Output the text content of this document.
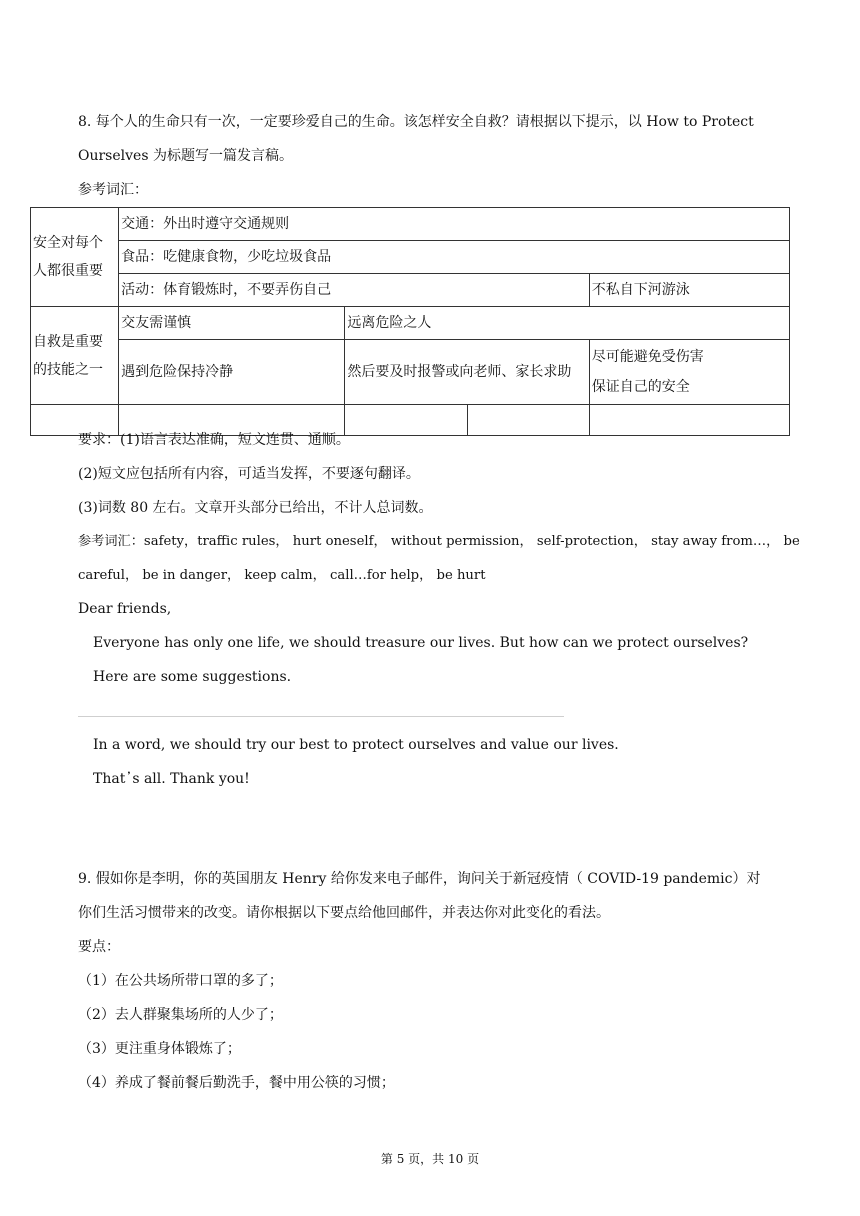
8. 每个人的生命只有一次，一定要珍爱自己的生命。该怎样安全自救？请根据以下提示，以 How to Protect
Ourselves 为标题写一篇发言稿。
参考词汇：
安全对每个人都很重要	交通：外出时遵守交通规则			
	食品：吃健康食物，少吃垃圾食品			
	活动：体育锻炼时，不要弄伤自己			不私自下河游泳
自救是重要的技能之一	交友需谨慎	远离危险之人		
	遇到危险保持冷静	然后要及时报警或向老师、家长求助		尽可能避免受伤害
保证自己的安全

要求：(1)语言表达准确，短文连贯、通顺。
(2)短文应包括所有内容，可适当发挥，不要逐句翻译。
(3)词数 80 左右。文章开头部分已给出，不计人总词数。
参考词汇：safety，traffic rules， hurt oneself， without permission， self-protection， stay away from…， be
careful， be in danger， keep calm， call…for help， be hurt
Dear friends,
Everyone has only one life, we should treasure our lives. But how can we protect ourselves?
Here are some suggestions.
In a word, we should try our best to protect ourselves and value our lives.
That᾽s all. Thank you!
9. 假如你是李明，你的英国朋友 Henry 给你发来电子邮件，询问关于新冠疫情（ COVID-19 pandemic）对
你们生活习惯带来的改变。请你根据以下要点给他回邮件，并表达你对此变化的看法。
要点：
（1）在公共场所带口罩的多了；
（2）去人群聚集场所的人少了；
（3）更注重身体锻炼了；
（4）养成了餐前餐后勤洗手，餐中用公筷的习惯；
第 5 页，共 10 页
